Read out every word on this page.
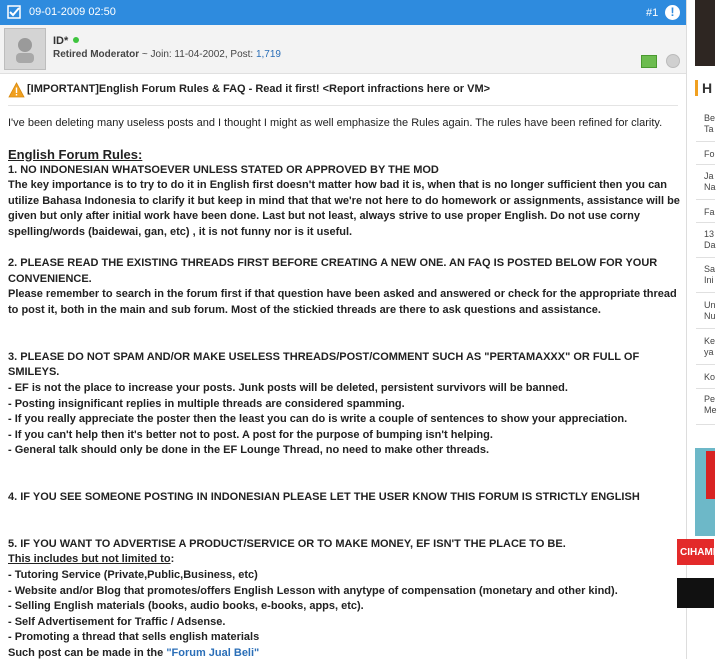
09-01-2009 02:50	#1	!
ID*
Retired Moderator ~ Join: 11-04-2002, Post: 1,719
[IMPORTANT]English Forum Rules & FAQ - Read it first! <Report infractions here or VM>

I've been deleting many useless posts and I thought I might as well emphasize the Rules again. The rules have been refined for clarity.

English Forum Rules:

1. NO INDONESIAN WHATSOEVER UNLESS STATED OR APPROVED BY THE MOD

The key importance is to try to do it in English first doesn't matter how bad it is, when that is no longer sufficient then you can utilize Bahasa Indonesia to clarify it but keep in mind that that we're not here to do homework or assignments, assistance will be given but only after initial work have been done. Last but not least, always strive to use proper English. Do not use corny spelling/words (baidewai, gan, etc) , it is not funny nor is it useful.

2. PLEASE READ THE EXISTING THREADS FIRST BEFORE CREATING A NEW ONE. AN FAQ IS POSTED BELOW FOR YOUR CONVENIENCE.

Please remember to search in the forum first if that question have been asked and answered or check for the appropriate thread to post it, both in the main and sub forum. Most of the stickied threads are there to ask questions and assistance.

3. PLEASE DO NOT SPAM AND/OR MAKE USELESS THREADS/POST/COMMENT SUCH AS "PERTAMAXXX" OR FULL OF SMILEYS.

- EF is not the place to increase your posts. Junk posts will be deleted, persistent survivors will be banned.

- Posting insignificant replies in multiple threads are considered spamming.

- If you really appreciate the poster then the least you can do is write a couple of sentences to show your appreciation.

- If you can't help then it's better not to post. A post for the purpose of bumping isn't helping.

- General talk should only be done in the EF Lounge Thread, no need to make other threads.

4. IF YOU SEE SOMEONE POSTING IN INDONESIAN PLEASE LET THE USER KNOW THIS FORUM IS STRICTLY ENGLISH

5. IF YOU WANT TO ADVERTISE A PRODUCT/SERVICE OR TO MAKE MONEY, EF ISN'T THE PLACE TO BE.

This includes but not limited to:

- Tutoring Service (Private,Public,Business, etc)

- Website and/or Blog that promotes/offers English Lesson with anytype of compensation (monetary and other kind).

- Selling English materials (books, audio books, e-books, apps, etc).

- Self Advertisement for Traffic / Adsense.

- Promoting a thread that sells english materials

Such post can be made in the "Forum Jual Beli"

H
Be Ta
Fo
Ja Na
Fa
13 Da
Sa Ini
Un Nu
Ke ya
Ko
Pe Me
CIHAMP
